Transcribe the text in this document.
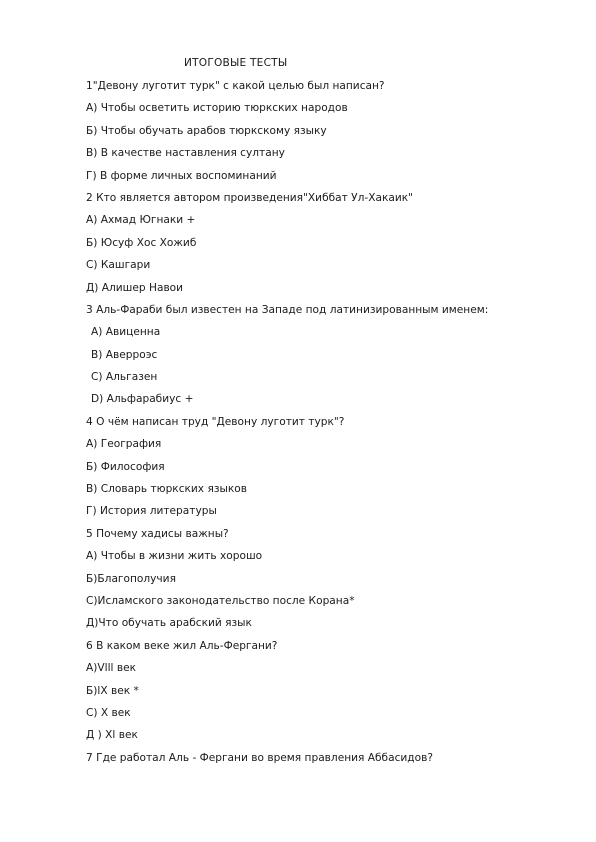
ИТОГОВЫЕ ТЕСТЫ
1"Девону луготит турк" с какой целью был написан?
А) Чтобы осветить историю тюркских народов
Б) Чтобы обучать арабов тюркскому языку
В) В качестве наставления султану
Г) В форме личных воспоминаний
2 Кто является автором произведения"Хиббат Ул-Хакаик"
А) Ахмад Югнаки +
Б) Юсуф Хос Хожиб
С) Кашгари
Д) Алишер Навои
3 Аль-Фараби был известен на Западе под латинизированным именем:
A) Авиценна
B) Аверроэс
C) Альгазен
D) Альфарабиус +
4 О чём написан труд "Девону луготит турк"?
А) География
Б) Философия
В) Словарь тюркских языков
Г) История литературы
5 Почему хадисы важны?
А) Чтобы в жизни жить хорошо
Б)Благополучия
С)Исламского законодательство после Корана*
Д)Что обучать арабский язык
6 В каком веке жил Аль-Фергани?
А)Vlll век
Б)lX век *
С) X век
Д ) Xl век
7 Где работал Аль - Фергани во время правления Аббасидов?
